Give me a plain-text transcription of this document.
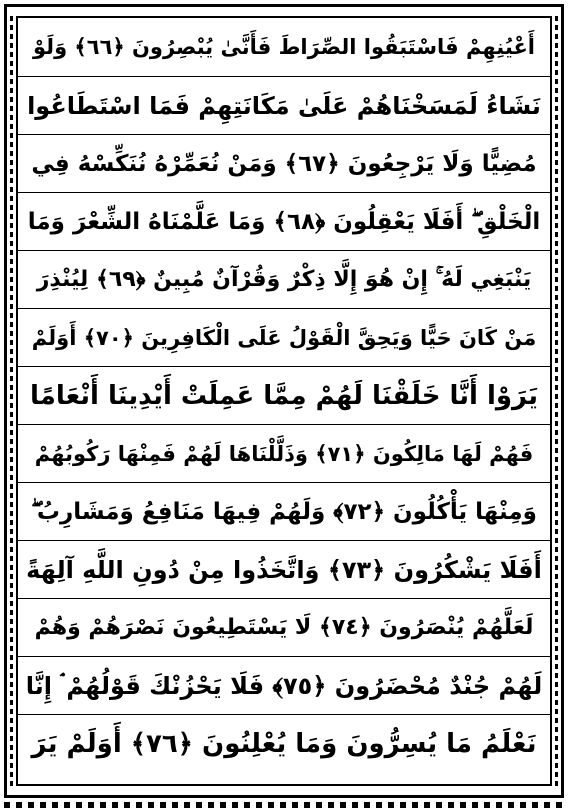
أَعْيُنِهِمْ فَاسْتَبَقُوا الصِّرَاطَ فَأَنَّىٰ يُبْصِرُونَ ﴿٦٦﴾ وَلَوْ
نَشَاءُ لَمَسَخْنَاهُمْ عَلَىٰ مَكَانَتِهِمْ فَمَا اسْتَطَاعُوا
مُضِيًّا وَلَا يَرْجِعُونَ ﴿٦٧﴾ وَمَنْ نُعَمِّرْهُ نُنَكِّسْهُ فِي
الْخَلْقِ ۖ أَفَلَا يَعْقِلُونَ ﴿٦٨﴾ وَمَا عَلَّمْنَاهُ الشِّعْرَ وَمَا
يَنْبَغِي لَهُ ۚ إِنْ هُوَ إِلَّا ذِكْرٌ وَقُرْآنٌ مُبِينٌ ﴿٦٩﴾ لِيُنْذِرَ
مَنْ كَانَ حَيًّا وَيَحِقَّ الْقَوْلُ عَلَى الْكَافِرِينَ ﴿٧٠﴾ أَوَلَمْ
يَرَوْا أَنَّا خَلَقْنَا لَهُمْ مِمَّا عَمِلَتْ أَيْدِينَا أَنْعَامًا
فَهُمْ لَهَا مَالِكُونَ ﴿٧١﴾ وَذَلَّلْنَاهَا لَهُمْ فَمِنْهَا رَكُوبُهُمْ
وَمِنْهَا يَأْكُلُونَ ﴿٧٢﴾ وَلَهُمْ فِيهَا مَنَافِعُ وَمَشَارِبُ ۖ
أَفَلَا يَشْكُرُونَ ﴿٧٣﴾ وَاتَّخَذُوا مِنْ دُونِ اللَّهِ آلِهَةً
لَعَلَّهُمْ يُنْصَرُونَ ﴿٧٤﴾ لَا يَسْتَطِيعُونَ نَصْرَهُمْ وَهُمْ
لَهُمْ جُنْدٌ مُحْضَرُونَ ﴿٧٥﴾ فَلَا يَحْزُنْكَ قَوْلُهُمْ ۘ إِنَّا
نَعْلَمُ مَا يُسِرُّونَ وَمَا يُعْلِنُونَ ﴿٧٦﴾ أَوَلَمْ يَرَ
